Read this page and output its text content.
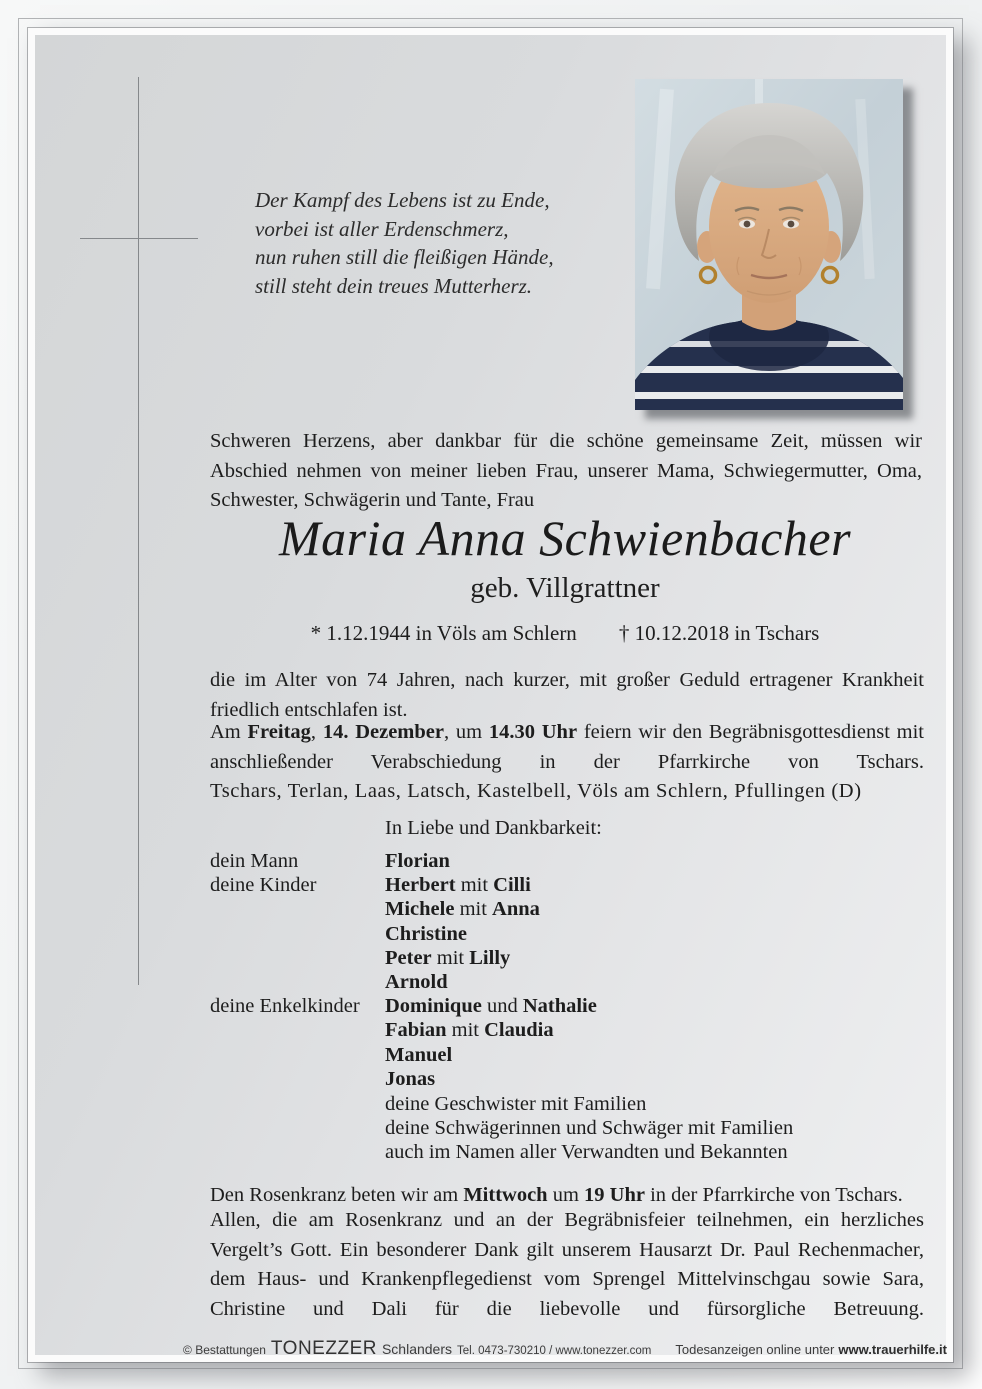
Der Kampf des Lebens ist zu Ende,
vorbei ist aller Erdenschmerz,
nun ruhen still die fleißigen Hände,
still steht dein treues Mutterherz.

Schweren Herzens, aber dankbar für die schöne gemeinsame Zeit, müssen wir Abschied nehmen von meiner lieben Frau, unserer Mama, Schwiegermutter, Oma, Schwester, Schwägerin und Tante, Frau

Maria Anna Schwienbacher
geb. Villgrattner
* 1.12.1944 in Völs am Schlern † 10.12.2018 in Tschars

die im Alter von 74 Jahren, nach kurzer, mit großer Geduld ertragener Krankheit friedlich entschlafen ist.

Am Freitag, 14. Dezember, um 14.30 Uhr feiern wir den Begräbnisgottesdienst mit anschließender Verabschiedung in der Pfarrkirche von Tschars.

Tschars, Terlan, Laas, Latsch, Kastelbell, Völs am Schlern, Pfullingen (D)

In Liebe und Dankbarkeit:
dein Mann	Florian
deine Kinder	Herbert mit Cilli
Michele mit Anna
Christine
Peter mit Lilly
Arnold
deine Enkelkinder	Dominique und Nathalie
Fabian mit Claudia
Manuel
Jonas
deine Geschwister mit Familien
deine Schwägerinnen und Schwäger mit Familien
auch im Namen aller Verwandten und Bekannten

Den Rosenkranz beten wir am Mittwoch um 19 Uhr in der Pfarrkirche von Tschars.

Allen, die am Rosenkranz und an der Begräbnisfeier teilnehmen, ein herzliches Vergelt’s Gott. Ein besonderer Dank gilt unserem Hausarzt Dr. Paul Rechenmacher, dem Haus- und Krankenpflegedienst vom Sprengel Mittelvinschgau sowie Sara, Christine und Dali für die liebevolle und fürsorgliche Betreuung.

© Bestattungen TONEZZER Schlanders Tel. 0473-730210 / www.tonezzer.com Todesanzeigen online unter www.trauerhilfe.it
